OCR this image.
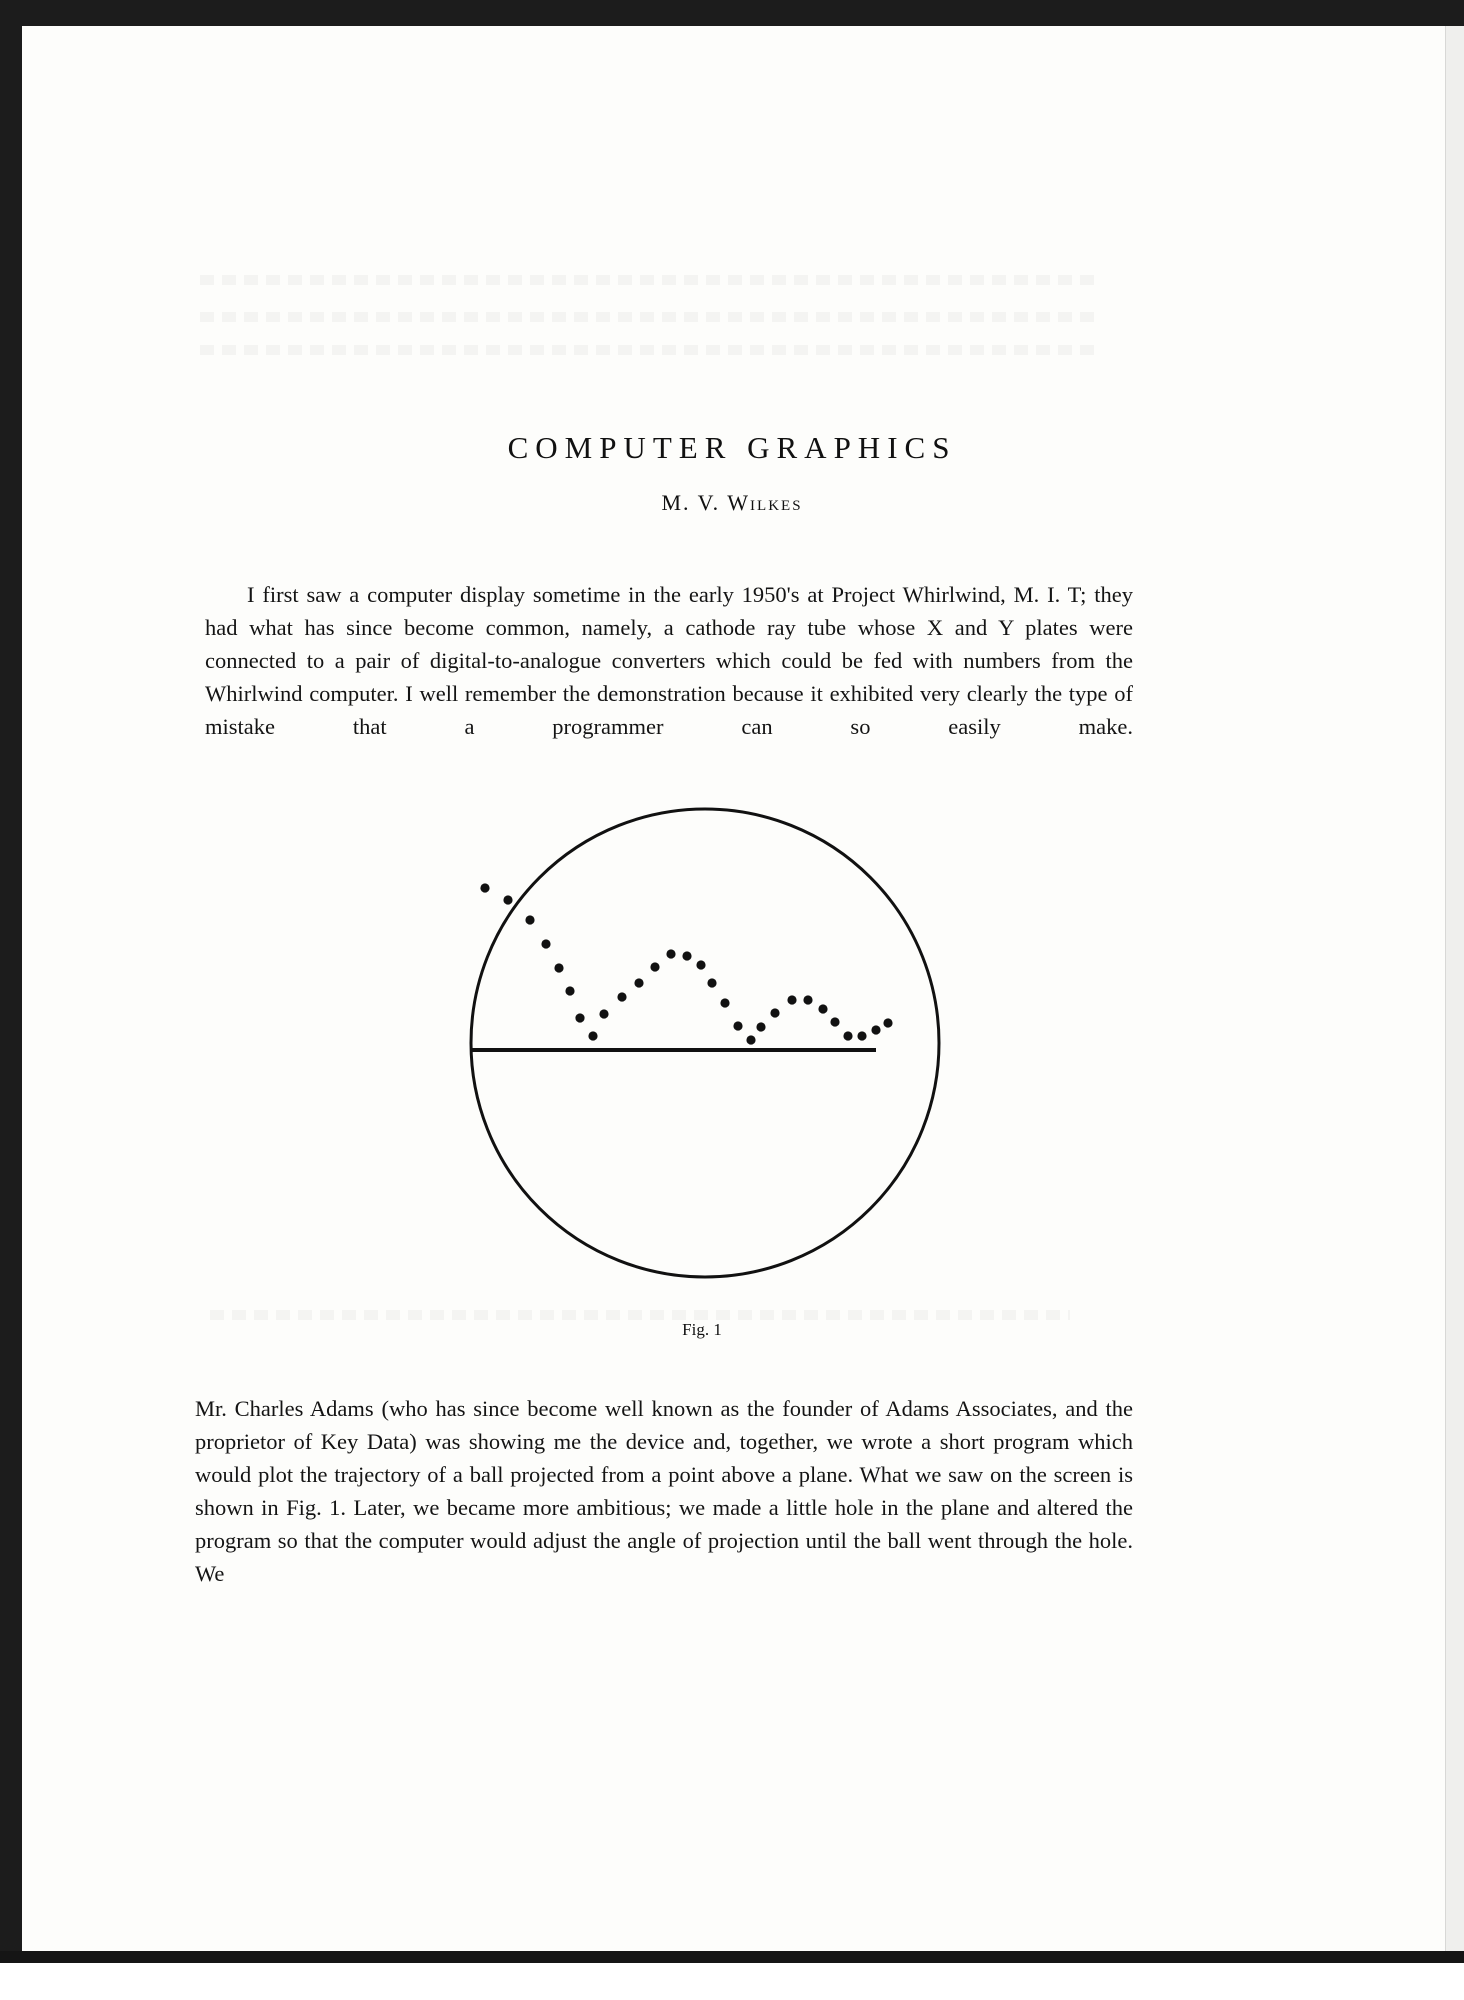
COMPUTER GRAPHICS
M. V. Wilkes
I first saw a computer display sometime in the early 1950's at Project Whirlwind, M. I. T; they had what has since become common, namely, a cathode ray tube whose X and Y plates were connected to a pair of digital-to-analogue converters which could be fed with numbers from the Whirlwind computer. I well remember the demonstration because it exhibited very clearly the type of mistake that a programmer can so easily make.
Fig. 1
Mr. Charles Adams (who has since become well known as the founder of Adams Associates, and the proprietor of Key Data) was showing me the device and, together, we wrote a short program which would plot the trajectory of a ball projected from a point above a plane. What we saw on the screen is shown in Fig. 1. Later, we became more ambitious; we made a little hole in the plane and altered the program so that the computer would adjust the angle of projection until the ball went through the hole. We
